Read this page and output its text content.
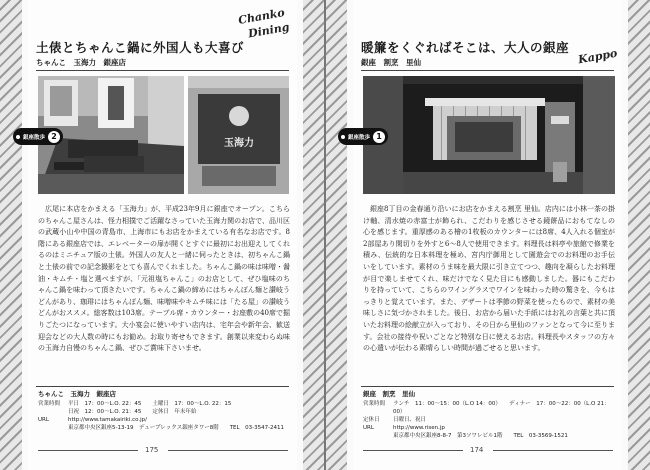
Chanko
Dining
土俵とちゃんこ鍋に外国人も大喜び
ちゃんこ　玉海力　銀座店
玉海力
銀座散歩 2
　広尾に本店をかまえる「玉海力」が、平成23年9月に銀座でオープン。こちらのちゃんこ屋さんは、怪力相撲でご活躍なさっていた玉海力関のお店で、品川区の武蔵小山や中国の青島市、上海市にもお店をかまえている有名なお店です。8階にある銀座店では、エレベーターの扉が開くとすぐに最初にお出迎えしてくれるのはミニチュア版の土俵。外国人の友人と一緒に伺ったときは、初ちゃんこ鍋と土俵の前での記念撮影をとても喜んでくれました。ちゃんこ鍋の味は味噌・醤油・キムチ・塩と選べますが、「元祖塩ちゃんこ」のお店として、ぜひ塩味のちゃんこ鍋を味わって頂きたいです。ちゃんこ鍋の締めにはちゃんぽん麺と讃岐うどんがあり、珈琲にはちゃんぽん麺、味噌味やキムチ味には「たる屋」の讃岐うどんがおススメ。総客数は103席。テーブル席・カウンター・お座敷の40席で掘りごたつになっています。大小宴会に使いやすい店内は、宅年会や新年会、歓送迎会などの大人数の時にもお勧め。お取り寄せもできます。創業以来変わらぬ味の玉海力自慢のちゃんこ鍋、ぜひご賞味下さいませ。
ちゃんこ　玉海力　銀座店
営業時間	平日　17：00～L.O. 22：45　　土曜日　17：00～L.O. 22：15
日祝　12：00～L.O. 21：45　　定休日　年末年始
URL	http://www.tamakairiki.co.jp/
東京都中央区銀座5-13-19　デュープレックス銀座タワー8階　　TEL　03-3547-2411
175
Kappo
暖簾をくぐればそこは、大人の銀座
銀座　割烹　里仙
銀座散歩 1
　銀座8丁目の金春通り沿いにお店をかまえる割烹 里仙。店内には小林一茶の掛け軸、清水焼の赤富士が飾られ、こだわりを感じさせる鏡餅品におもてなしの心を感じます。重厚感のある檜の1枚板のカウンターには8席、4人入れる個室が2部屋あり閑切りを外すと6～8人で使用できます。料理長は料亭や旅館で修業を積み、伝統的な日本料理を極め、宮内庁御用として園遊会でのお料理のお手伝いをしています。素材のうま味を最大限に引き立てつつ、趣向を凝らしたお料理が目で楽しませてくれ、味だけでなく見た目にも感動しました。器にもこだわりを持っていて、こちらのワイングラスでワインを味わった時の驚きを、今もはっきりと覚えています。また、デザートは季節の野菜を使ったもので、素材の美味しさに気づかされました。後日、お店から届いた手紙にはお礼の言葉と共に頂いたお料理の絵献立が入っており、その日から里仙のファンとなって今に至ります。会社の接待や祝いごとなど特別な日に使えるお店。料理長やスタッフの方々の心遣いが伝わる素晴らしい時間が過ごせると思います。
銀座　割烹　里仙
営業時間	ランチ　11：00～15：00（L.O 14：00）　　ディナー　17：00～22：00（L.O 21：00）
定休日	日曜日、祝日
URL	http://www.risen.jp
東京都中央区銀座8-8-7　第3ソワレビル1階　　TEL　03-3569-1521
174
